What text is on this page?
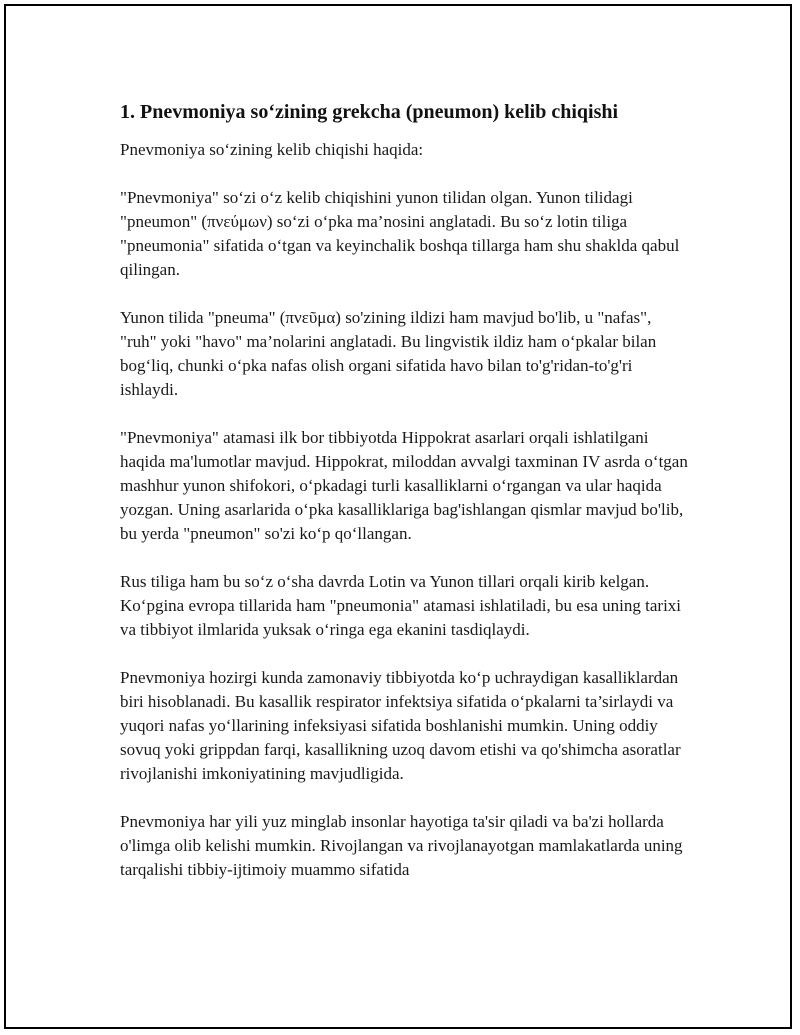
1. Pnevmoniya so‘zining grekcha (pneumon) kelib chiqishi

Pnevmoniya so‘zining kelib chiqishi haqida:

"Pnevmoniya" so‘zi o‘z kelib chiqishini yunon tilidan olgan. Yunon tilidagi "pneumon" (πνεύμων) so‘zi o‘pka ma’nosini anglatadi. Bu so‘z lotin tiliga "pneumonia" sifatida o‘tgan va keyinchalik boshqa tillarga ham shu shaklda qabul qilingan.

Yunon tilida "pneuma" (πνεῦμα) so'zining ildizi ham mavjud bo'lib, u "nafas", "ruh" yoki "havo" ma’nolarini anglatadi. Bu lingvistik ildiz ham o‘pkalar bilan bog‘liq, chunki o‘pka nafas olish organi sifatida havo bilan to'g'ridan-to'g'ri ishlaydi.

"Pnevmoniya" atamasi ilk bor tibbiyotda Hippokrat asarlari orqali ishlatilgani haqida ma'lumotlar mavjud. Hippokrat, miloddan avvalgi taxminan IV asrda o‘tgan mashhur yunon shifokori, o‘pkadagi turli kasalliklarni o‘rgangan va ular haqida yozgan. Uning asarlarida o‘pka kasalliklariga bag'ishlangan qismlar mavjud bo'lib, bu yerda "pneumon" so'zi ko‘p qo‘llangan.

Rus tiliga ham bu so‘z o‘sha davrda Lotin va Yunon tillari orqali kirib kelgan. Ko‘pgina evropa tillarida ham "pneumonia" atamasi ishlatiladi, bu esa uning tarixi va tibbiyot ilmlarida yuksak o‘ringa ega ekanini tasdiqlaydi.

Pnevmoniya hozirgi kunda zamonaviy tibbiyotda ko‘p uchraydigan kasalliklardan biri hisoblanadi. Bu kasallik respirator infektsiya sifatida o‘pkalarni ta’sirlaydi va yuqori nafas yo‘llarining infeksiyasi sifatida boshlanishi mumkin. Uning oddiy sovuq yoki grippdan farqi, kasallikning uzoq davom etishi va qo'shimcha asoratlar rivojlanishi imkoniyatining mavjudligida.

Pnevmoniya har yili yuz minglab insonlar hayotiga ta'sir qiladi va ba'zi hollarda o'limga olib kelishi mumkin. Rivojlangan va rivojlanayotgan mamlakatlarda uning tarqalishi tibbiy-ijtimoiy muammo sifatida
